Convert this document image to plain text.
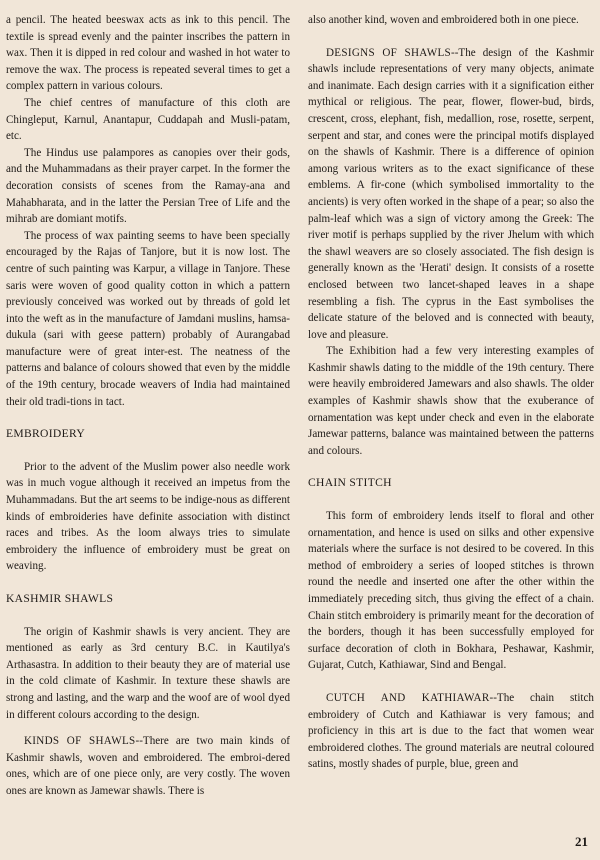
a pencil. The heated beeswax acts as ink to this pencil. The textile is spread evenly and the painter inscribes the pattern in wax. Then it is dipped in red colour and washed in hot water to remove the wax. The process is repeated several times to get a complex pattern in various colours.

The chief centres of manufacture of this cloth are Chingleput, Karnul, Anantapur, Cuddapah and Musli-patam, etc.

The Hindus use palampores as canopies over their gods, and the Muhammadans as their prayer carpet. In the former the decoration consists of scenes from the Ramay-ana and Mahabharata, and in the latter the Persian Tree of Life and the mihrab are domiant motifs.

The process of wax painting seems to have been specially encouraged by the Rajas of Tanjore, but it is now lost. The centre of such painting was Karpur, a village in Tanjore. These saris were woven of good quality cotton in which a pattern previously conceived was worked out by threads of gold let into the weft as in the manufacture of Jamdani muslins, hamsa-dukula (sari with geese pattern) probably of Aurangabad manufacture were of great inter-est. The neatness of the patterns and balance of colours showed that even by the middle of the 19th century, brocade weavers of India had maintained their old tradi-tions in tact.

EMBROIDERY

Prior to the advent of the Muslim power also needle work was in much vogue although it received an impetus from the Muhammadans. But the art seems to be indige-nous as different kinds of embroideries have definite association with distinct races and tribes. As the loom always tries to simulate embroidery the influence of embroidery must be great on weaving.

KASHMIR SHAWLS

The origin of Kashmir shawls is very ancient. They are mentioned as early as 3rd century B.C. in Kautilya's Arthasastra. In addition to their beauty they are of material use in the cold climate of Kashmir. In texture these shawls are strong and lasting, and the warp and the woof are of wool dyed in different colours according to the design.

KINDS OF SHAWLS--There are two main kinds of Kashmir shawls, woven and embroidered. The embroi-dered ones, which are of one piece only, are very costly. The woven ones are known as Jamewar shawls. There is

also another kind, woven and embroidered both in one piece.

DESIGNS OF SHAWLS--The design of the Kashmir shawls include representations of very many objects, animate and inanimate. Each design carries with it a signification either mythical or religious. The pear, flower, flower-bud, birds, crescent, cross, elephant, fish, medallion, rose, rosette, serpent, serpent and star, and cones were the principal motifs displayed on the shawls of Kashmir. There is a difference of opinion among various writers as to the exact significance of these emblems. A fir-cone (which symbolised immortality to the ancients) is very often worked in the shape of a pear; so also the palm-leaf which was a sign of victory among the Greek: The river motif is perhaps supplied by the river Jhelum with which the shawl weavers are so closely associated. The fish design is generally known as the 'Herati' design. It consists of a rosette enclosed between two lancet-shaped leaves in a shape resembling a fish. The cyprus in the East symbolises the delicate stature of the beloved and is connected with beauty, love and pleasure.

The Exhibition had a few very interesting examples of Kashmir shawls dating to the middle of the 19th century. There were heavily embroidered Jamewars and also shawls. The older examples of Kashmir shawls show that the exuberance of ornamentation was kept under check and even in the elaborate Jamewar patterns, balance was maintained between the patterns and colours.

CHAIN STITCH

This form of embroidery lends itself to floral and other ornamentation, and hence is used on silks and other expensive materials where the surface is not desired to be covered. In this method of embroidery a series of looped stitches is thrown round the needle and inserted one after the other within the immediately preceding sitch, thus giving the effect of a chain. Chain stitch embroidery is primarily meant for the decoration of the borders, though it has been successfully employed for surface decoration of cloth in Bokhara, Peshawar, Kashmir, Gujarat, Cutch, Kathiawar, Sind and Bengal.

CUTCH AND KATHIAWAR--The chain stitch embroidery of Cutch and Kathiawar is very famous; and proficiency in this art is due to the fact that women wear embroidered clothes. The ground materials are neutral coloured satins, mostly shades of purple, blue, green and

21
